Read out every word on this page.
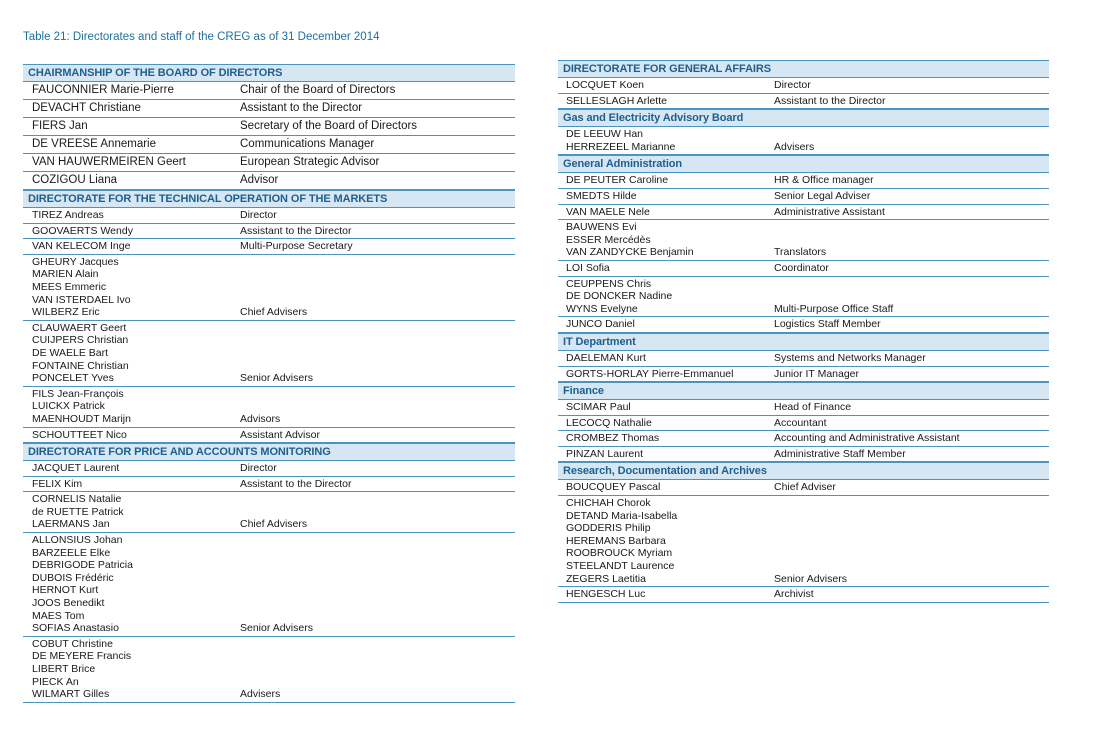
Table 21: Directorates and staff of the CREG as of 31 December 2014
CHAIRMANSHIP OF THE BOARD OF DIRECTORS
FAUCONNIER Marie-Pierre	Chair of the Board of Directors
DEVACHT Christiane	Assistant to the Director
FIERS Jan	Secretary of the Board of Directors
DE VREESE Annemarie	Communications Manager
VAN HAUWERMEIREN Geert	European Strategic Advisor
COZIGOU Liana	Advisor
DIRECTORATE FOR THE TECHNICAL OPERATION OF THE MARKETS
TIREZ Andreas	Director
GOOVAERTS Wendy	Assistant to the Director
VAN KELECOM Inge	Multi-Purpose Secretary
GHEURY Jacques
MARIEN Alain
MEES Emmeric
VAN ISTERDAEL Ivo
WILBERZ Eric	Chief Advisers
CLAUWAERT Geert
CUIJPERS Christian
DE WAELE Bart
FONTAINE Christian
PONCELET Yves	Senior Advisers
FILS Jean-François
LUICKX Patrick
MAENHOUDT Marijn	Advisors
SCHOUTTEET Nico	Assistant Advisor
DIRECTORATE FOR PRICE AND ACCOUNTS MONITORING
JACQUET Laurent	Director
FELIX Kim	Assistant to the Director
CORNELIS Natalie
de RUETTE Patrick
LAERMANS Jan	Chief Advisers
ALLONSIUS Johan
BARZEELE Elke
DEBRIGODE Patricia
DUBOIS Frédéric
HERNOT Kurt
JOOS Benedikt
MAES Tom
SOFIAS Anastasio	Senior Advisers
COBUT Christine
DE MEYERE Francis
LIBERT Brice
PIECK An
WILMART Gilles	Advisers
DIRECTORATE FOR GENERAL AFFAIRS
LOCQUET Koen	Director
SELLESLAGH Arlette	Assistant to the Director
Gas and Electricity Advisory Board
DE LEEUW Han
HERREZEEL Marianne	Advisers
General Administration
DE PEUTER Caroline	HR & Office manager
SMEDTS Hilde	Senior Legal Adviser
VAN MAELE Nele	Administrative Assistant
BAUWENS Evi
ESSER Mercédès
VAN ZANDYCKE Benjamin	Translators
LOI Sofia	Coordinator
CEUPPENS Chris
DE DONCKER Nadine
WYNS Evelyne	Multi-Purpose Office Staff
JUNCO Daniel	Logistics Staff Member
IT Department
DAELEMAN Kurt	Systems and Networks Manager
GORTS-HORLAY Pierre-Emmanuel	Junior IT Manager
Finance
SCIMAR Paul	Head of Finance
LECOCQ Nathalie	Accountant
CROMBEZ Thomas	Accounting and Administrative Assistant
PINZAN Laurent	Administrative Staff Member
Research, Documentation and Archives
BOUCQUEY Pascal	Chief Adviser
CHICHAH Chorok
DETAND Maria-Isabella
GODDERIS Philip
HEREMANS Barbara
ROOBROUCK Myriam
STEELANDT Laurence
ZEGERS Laetitia	Senior Advisers
HENGESCH Luc	Archivist
